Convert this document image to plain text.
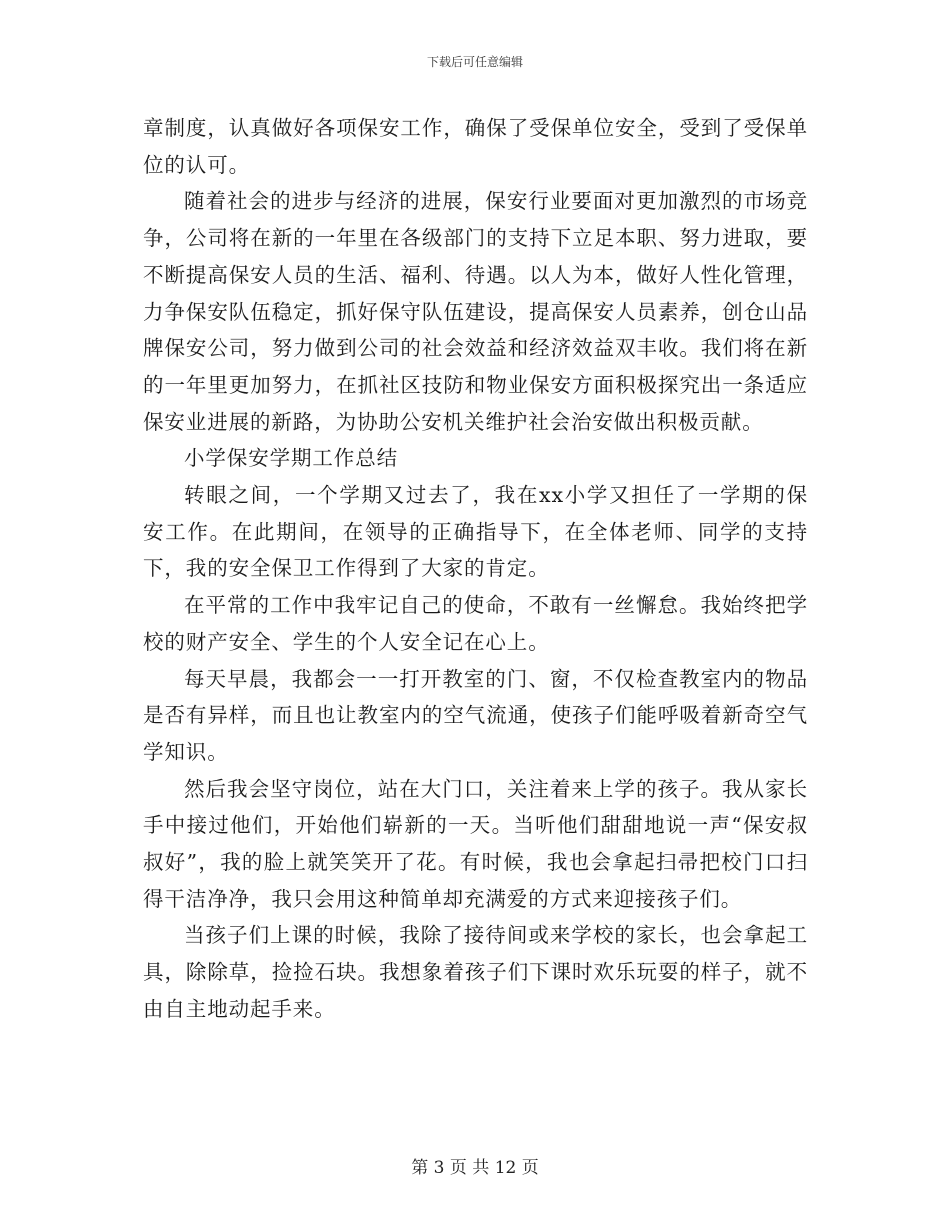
下载后可任意编辑

章制度，认真做好各项保安工作，确保了受保单位安全，受到了受保单位的认可。

随着社会的进步与经济的进展，保安行业要面对更加激烈的市场竞争，公司将在新的一年里在各级部门的支持下立足本职、努力进取，要不断提高保安人员的生活、福利、待遇。以人为本，做好人性化管理，力争保安队伍稳定，抓好保守队伍建设，提高保安人员素养，创仓山品牌保安公司，努力做到公司的社会效益和经济效益双丰收。我们将在新的一年里更加努力，在抓社区技防和物业保安方面积极探究出一条适应保安业进展的新路，为协助公安机关维护社会治安做出积极贡献。

小学保安学期工作总结

转眼之间，一个学期又过去了，我在xx小学又担任了一学期的保安工作。在此期间，在领导的正确指导下，在全体老师、同学的支持下，我的安全保卫工作得到了大家的肯定。

在平常的工作中我牢记自己的使命，不敢有一丝懈怠。我始终把学校的财产安全、学生的个人安全记在心上。

每天早晨，我都会一一打开教室的门、窗，不仅检查教室内的物品是否有异样，而且也让教室内的空气流通，使孩子们能呼吸着新奇空气学知识。

然后我会坚守岗位，站在大门口，关注着来上学的孩子。我从家长手中接过他们，开始他们崭新的一天。当听他们甜甜地说一声“保安叔叔好”，我的脸上就笑笑开了花。有时候，我也会拿起扫帚把校门口扫得干洁净净，我只会用这种简单却充满爱的方式来迎接孩子们。

当孩子们上课的时候，我除了接待间或来学校的家长，也会拿起工具，除除草，捡捡石块。我想象着孩子们下课时欢乐玩耍的样子，就不由自主地动起手来。

第 3 页 共 12 页
